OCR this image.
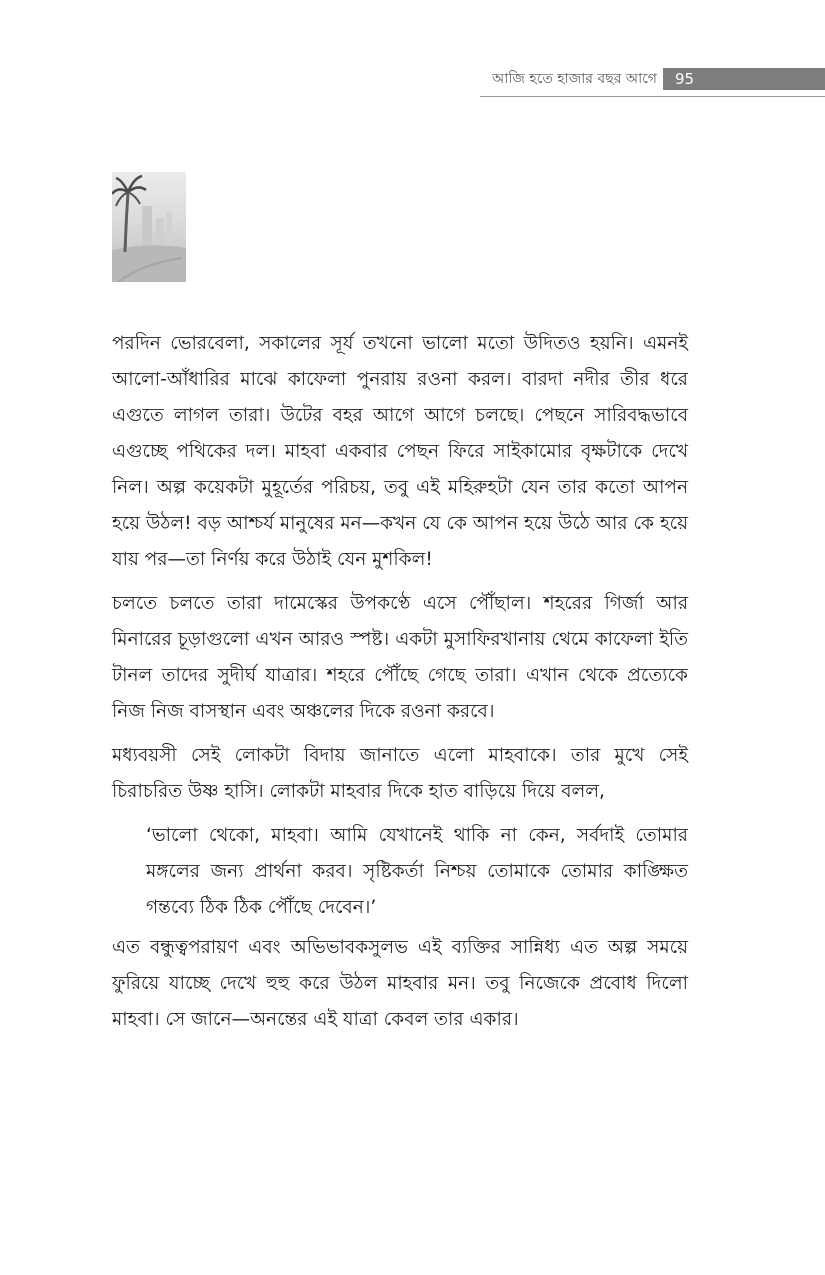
আজি হতে হাজার বছর আগে	95

পরদিন ভোরবেলা, সকালের সূর্য তখনো ভালো মতো উদিতও হয়নি। এমনই আলো-আঁধারির মাঝে কাফেলা পুনরায় রওনা করল। বারদা নদীর তীর ধরে এগুতে লাগল তারা। উটের বহর আগে আগে চলছে। পেছনে সারিবদ্ধভাবে এগুচ্ছে পথিকের দল। মাহবা একবার পেছন ফিরে সাইকামোর বৃক্ষটাকে দেখে নিল। অল্প কয়েকটা মুহূর্তের পরিচয়, তবু এই মহিরুহটা যেন তার কতো আপন হয়ে উঠল! বড় আশ্চর্য মানুষের মন—কখন যে কে আপন হয়ে উঠে আর কে হয়ে যায় পর—তা নির্ণয় করে উঠাই যেন মুশকিল!

চলতে চলতে তারা দামেস্কের উপকণ্ঠে এসে পৌঁছাল। শহরের গির্জা আর মিনারের চূড়াগুলো এখন আরও স্পষ্ট। একটা মুসাফিরখানায় থেমে কাফেলা ইতি টানল তাদের সুদীর্ঘ যাত্রার। শহরে পৌঁছে গেছে তারা। এখান থেকে প্রত্যেকে নিজ নিজ বাসস্থান এবং অঞ্চলের দিকে রওনা করবে।

মধ্যবয়সী সেই লোকটা বিদায় জানাতে এলো মাহবাকে। তার মুখে সেই চিরাচরিত উষ্ণ হাসি। লোকটা মাহবার দিকে হাত বাড়িয়ে দিয়ে বলল,

‘ভালো থেকো, মাহবা। আমি যেখানেই থাকি না কেন, সর্বদাই তোমার মঙ্গলের জন্য প্রার্থনা করব। সৃষ্টিকর্তা নিশ্চয় তোমাকে তোমার কাঙ্ক্ষিত গন্তব্যে ঠিক ঠিক পৌঁছে দেবেন।’

এত বন্ধুত্বপরায়ণ এবং অভিভাবকসুলভ এই ব্যক্তির সান্নিধ্য এত অল্প সময়ে ফুরিয়ে যাচ্ছে দেখে হুহু করে উঠল মাহবার মন। তবু নিজেকে প্রবোধ দিলো মাহবা। সে জানে—অনন্তের এই যাত্রা কেবল তার একার।
